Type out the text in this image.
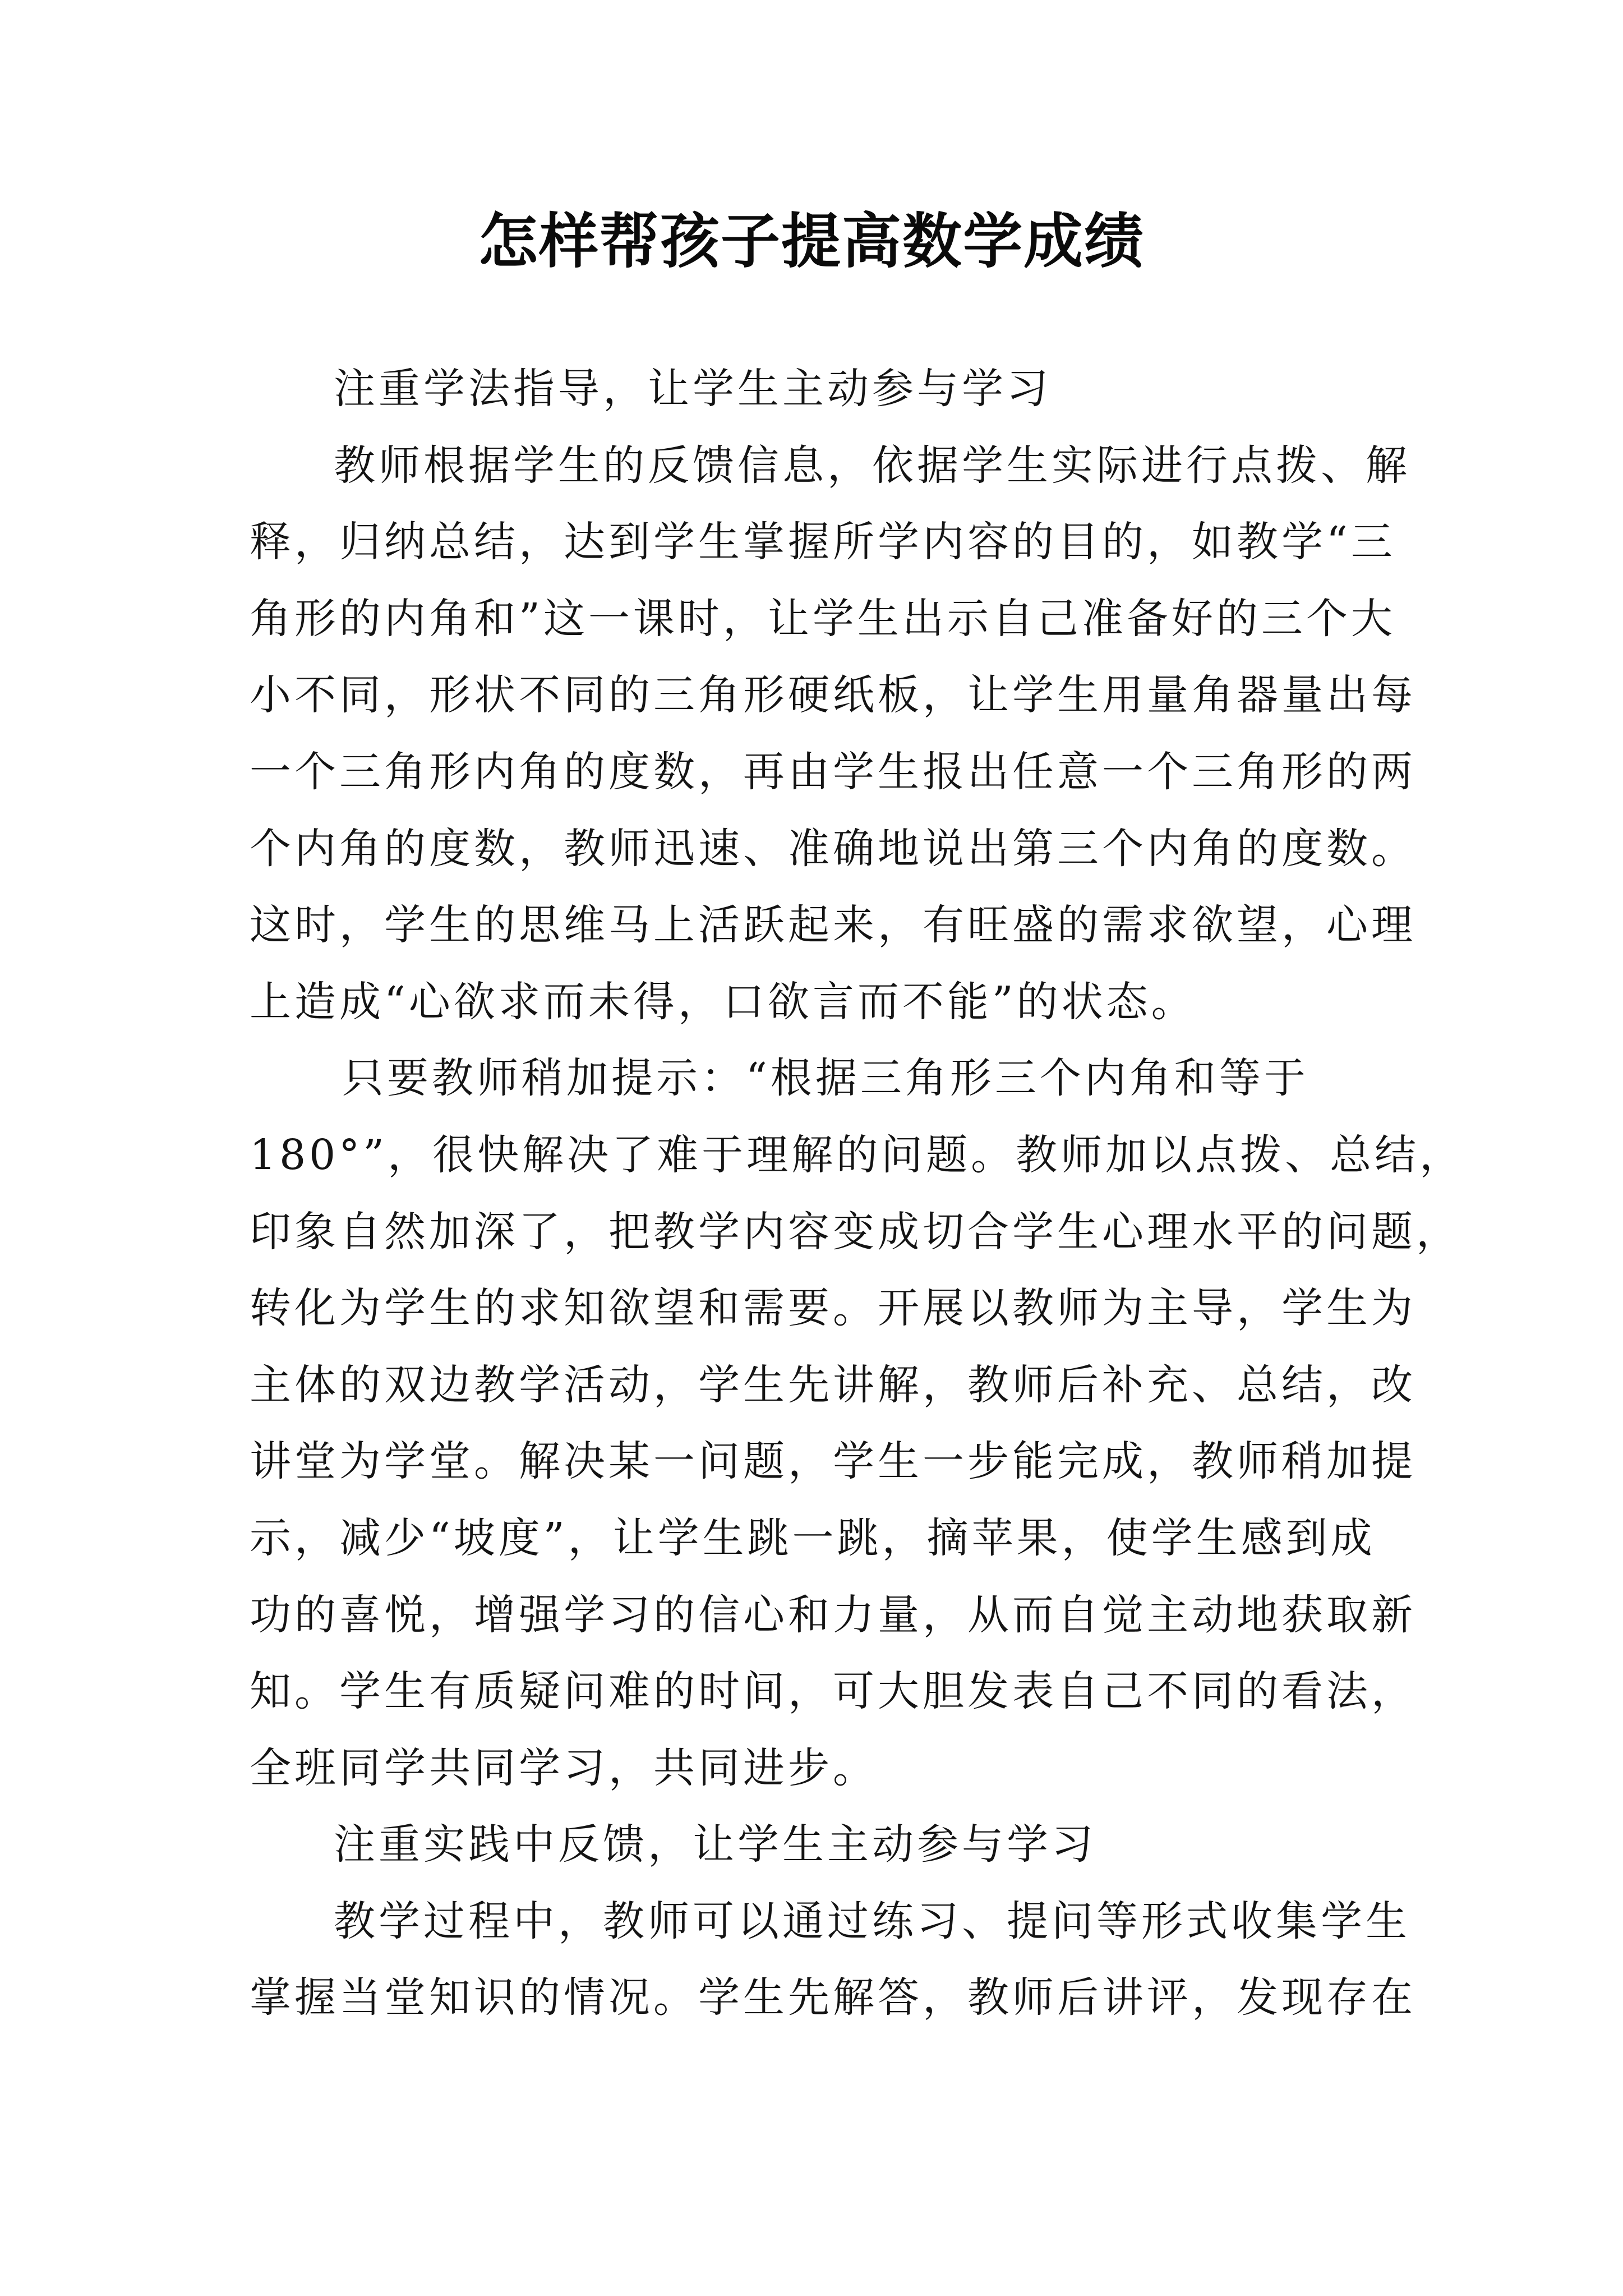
怎样帮孩子提高数学成绩
注重学法指导，让学生主动参与学习
教师根据学生的反馈信息，依据学生实际进行点拨、解
释，归纳总结，达到学生掌握所学内容的目的，如教学“三
角形的内角和”这一课时，让学生出示自己准备好的三个大
小不同，形状不同的三角形硬纸板，让学生用量角器量出每
一个三角形内角的度数，再由学生报出任意一个三角形的两
个内角的度数，教师迅速、准确地说出第三个内角的度数。
这时，学生的思维马上活跃起来，有旺盛的需求欲望，心理
上造成“心欲求而未得，口欲言而不能”的状态。
只要教师稍加提示：“根据三角形三个内角和等于
180°”，很快解决了难于理解的问题。教师加以点拨、总结，
印象自然加深了，把教学内容变成切合学生心理水平的问题，
转化为学生的求知欲望和需要。开展以教师为主导，学生为
主体的双边教学活动，学生先讲解，教师后补充、总结，改
讲堂为学堂。解决某一问题，学生一步能完成，教师稍加提
示，减少“坡度”，让学生跳一跳，摘苹果，使学生感到成
功的喜悦，增强学习的信心和力量，从而自觉主动地获取新
知。学生有质疑问难的时间，可大胆发表自己不同的看法，
全班同学共同学习，共同进步。
注重实践中反馈，让学生主动参与学习
教学过程中，教师可以通过练习、提问等形式收集学生
掌握当堂知识的情况。学生先解答，教师后讲评，发现存在
